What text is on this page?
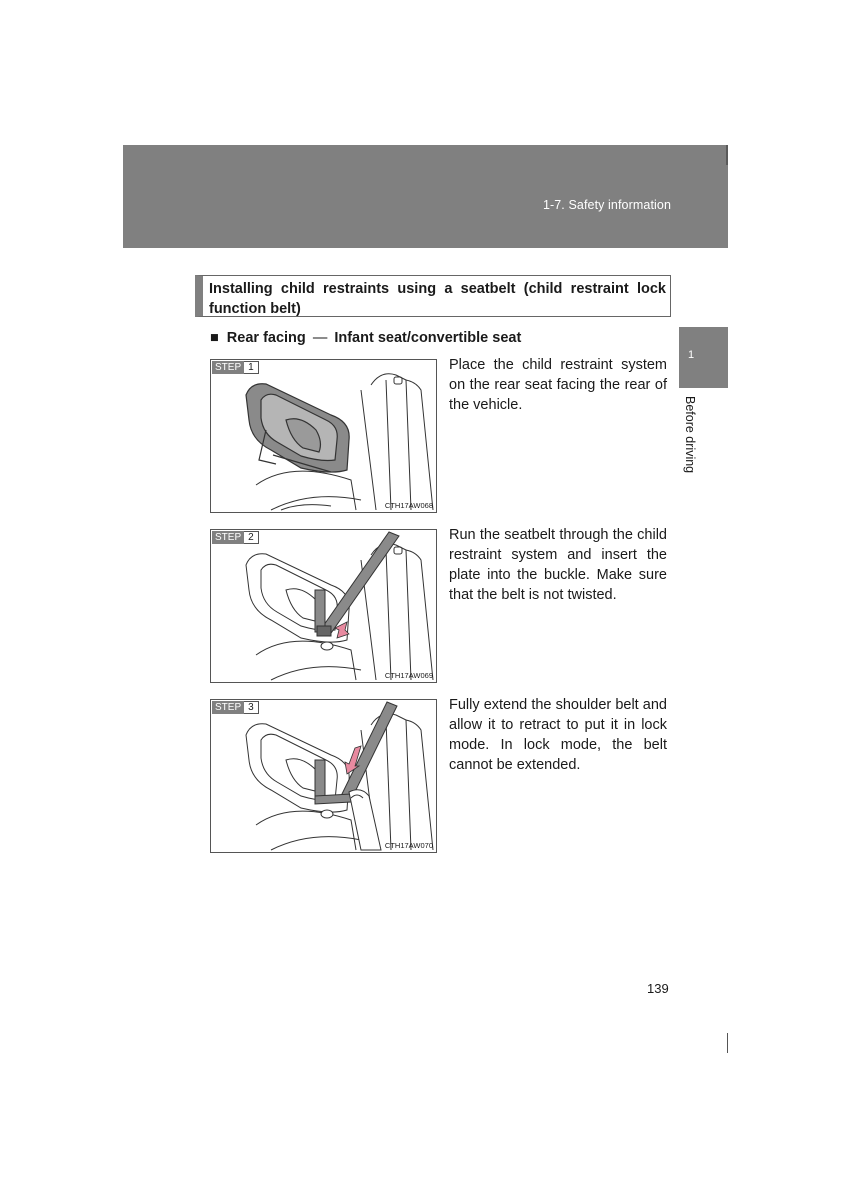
1-7. Safety information
1
Before driving
Installing child restraints using a seatbelt (child restraint lock function belt)
■ Rear facing — Infant seat/convertible seat
STEP 1
CTH17AW068
Place the child restraint system on the rear seat facing the rear of the vehicle.
STEP 2
CTH17AW069
Run the seatbelt through the child restraint system and insert the plate into the buckle. Make sure that the belt is not twisted.
STEP 3
CTH17AW070
Fully extend the shoulder belt and allow it to retract to put it in lock mode. In lock mode, the belt cannot be extended.
139
